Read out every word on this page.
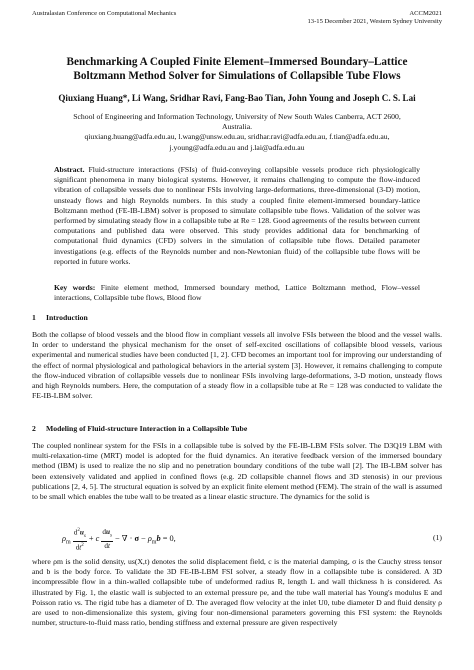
Australasian Conference on Computational Mechanics	ACCM2021
13-15 December 2021, Western Sydney University
Benchmarking A Coupled Finite Element–Immersed Boundary–Lattice
Boltzmann Method Solver for Simulations of Collapsible Tube Flows
Qiuxiang Huang*, Li Wang, Sridhar Ravi, Fang-Bao Tian, John Young and Joseph C. S. Lai
School of Engineering and Information Technology, University of New South Wales Canberra, ACT 2600,
Australia.
qiuxiang.huang@adfa.edu.au, l.wang@unsw.edu.au, sridhar.ravi@adfa.edu.au, f.tian@adfa.edu.au,
j.young@adfa.edu.au and j.lai@adfa.edu.au
Abstract. Fluid-structure interactions (FSIs) of fluid-conveying collapsible vessels produce rich physiologically significant phenomena in many biological systems. However, it remains challenging to compute the flow-induced vibration of collapsible vessels due to nonlinear FSIs involving large-deformations, three-dimensional (3-D) motion, unsteady flows and high Reynolds numbers. In this study a coupled finite element-immersed boundary-lattice Boltzmann method (FE-IB-LBM) solver is proposed to simulate collapsible tube flows. Validation of the solver was performed by simulating steady flow in a collapsible tube at Re = 128. Good agreements of the results between current computations and published data were observed. This study provides additional data for benchmarking of computational fluid dynamics (CFD) solvers in the simulation of collapsible tube flows. Detailed parameter investigations (e.g. effects of the Reynolds number and non-Newtonian fluid) of the collapsible tube flows will be reported in future works.
Key words: Finite element method, Immersed boundary method, Lattice Boltzmann method, Flow–vessel interactions, Collapsible tube flows, Blood flow
1 Introduction
Both the collapse of blood vessels and the blood flow in compliant vessels all involve FSIs between the blood and the vessel walls. In order to understand the physical mechanism for the onset of self-excited oscillations of collapsible blood vessels, various experimental and numerical studies have been conducted [1, 2]. CFD becomes an important tool for improving our understanding of the effect of normal physiological and pathological behaviors in the arterial system [3]. However, it remains challenging to compute the flow-induced vibration of collapsible vessels due to nonlinear FSIs involving large-deformations, 3-D motion, unsteady flows and high Reynolds numbers. Here, the computation of a steady flow in a collapsible tube at Re = 128 was conducted to validate the FE-IB-LBM solver.
2 Modeling of Fluid-structure Interaction in a Collapsible Tube
The coupled nonlinear system for the FSIs in a collapsible tube is solved by the FE-IB-LBM FSIs solver. The D3Q19 LBM with multi-relaxation-time (MRT) model is adopted for the fluid dynamics. An iterative feedback version of the immersed boundary method (IBM) is used to realize the no slip and no penetration boundary conditions of the tube wall [2]. The IB-LBM solver has been extensively validated and applied in confined flows (e.g. 2D collapsible channel flows and 3D stenosis) in our previous publications [2, 4, 5]. The structural equation is solved by an explicit finite element method (FEM). The strain of the wall is assumed to be small which enables the tube wall to be treated as a linear elastic structure. The dynamics for the solid is
$\rho_m \frac{d^2u_s}{dt^2} + c \frac{du_s}{dt}$ − ∇ · $\sigma - \rho_mb = 0$,	(1)
where ρm is the solid density, us(X,t) denotes the solid displacement field, c is the material damping, σ is the Cauchy stress tensor and b is the body force. To validate the 3D FE-IB-LBM FSI solver, a steady flow in a collapsible tube is considered. A 3D incompressible flow in a thin-walled collapsible tube of undeformed radius R, length L and wall thickness h is considered. As illustrated by Fig. 1, the elastic wall is subjected to an external pressure pe, and the tube wall material has Young's modulus E and Poisson ratio νs. The rigid tube has a diameter of D. The averaged flow velocity at the inlet U0, tube diameter D and fluid density ρ are used to non-dimensionalize this system, giving four non-dimensional parameters governing this FSI system: the Reynolds number, structure-to-fluid mass ratio, bending stiffness and external pressure are given respectively
